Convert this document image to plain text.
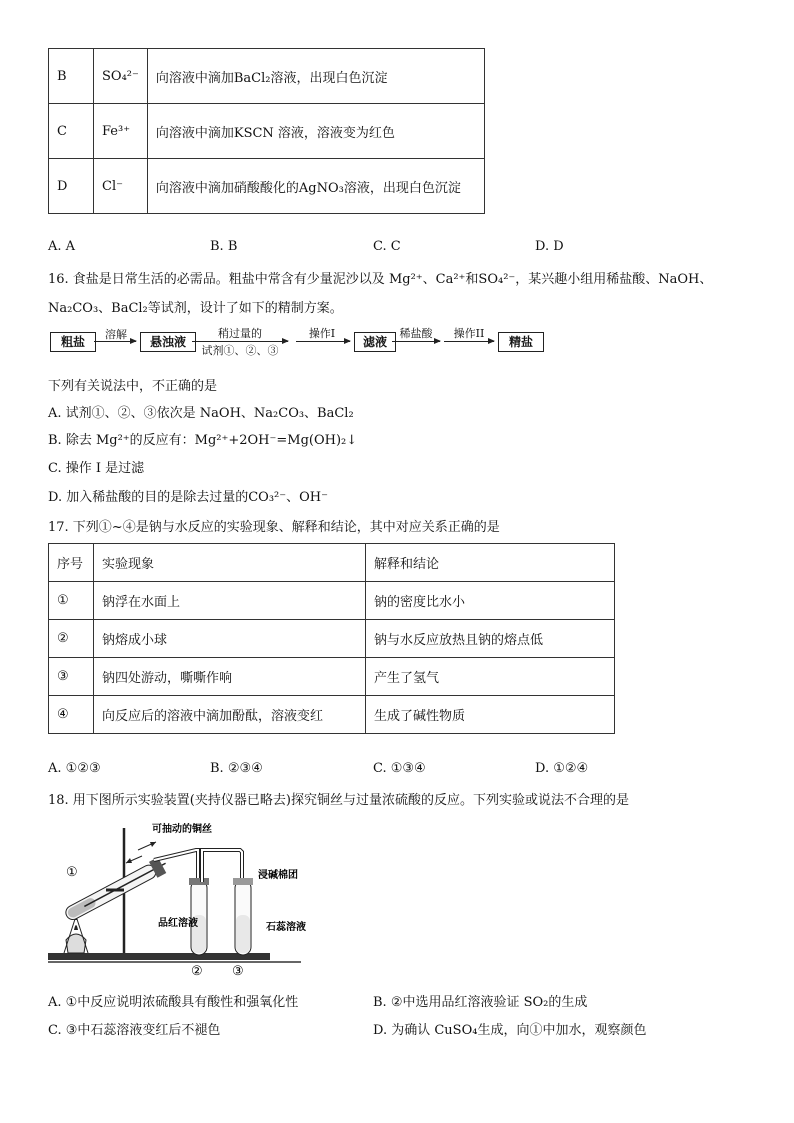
B	SO₄²⁻	向溶液中滴加BaCl₂溶液，出现白色沉淀
C	Fe³⁺	向溶液中滴加KSCN 溶液，溶液变为红色
D	Cl⁻	向溶液中滴加硝酸酸化的AgNO₃溶液，出现白色沉淀
A. A	B. B	C. C	D. D
16. 食盐是日常生活的必需品。粗盐中常含有少量泥沙以及 Mg²⁺、Ca²⁺和SO₄²⁻，某兴趣小组用稀盐酸、NaOH、
Na₂CO₃、BaCl₂等试剂，设计了如下的精制方案。
粗盐
溶解
悬浊液
稍过量的
试剂①、②、③
操作I
滤液
稀盐酸	操作II
精盐
下列有关说法中，不正确的是
A. 试剂①、②、③依次是 NaOH、Na₂CO₃、BaCl₂
B. 除去 Mg²⁺的反应有：Mg²⁺+2OH⁻=Mg(OH)₂↓
C. 操作 I 是过滤
D. 加入稀盐酸的目的是除去过量的CO₃²⁻、OH⁻
17. 下列①~④是钠与水反应的实验现象、解释和结论，其中对应关系正确的是
序号	实验现象	解释和结论
①	钠浮在水面上	钠的密度比水小
②	钠熔成小球	钠与水反应放热且钠的熔点低
③	钠四处游动，嘶嘶作响	产生了氢气
④	向反应后的溶液中滴加酚酞，溶液变红	生成了碱性物质
A. ①②③	B. ②③④	C. ①③④	D. ①②④
18. 用下图所示实验装置(夹持仪器已略去)探究铜丝与过量浓硫酸的反应。下列实验或说法不合理的是
可抽动的铜丝
①	浸碱棉团
品红溶液	石蕊溶液
② ③
A. ①中反应说明浓硫酸具有酸性和强氧化性	B. ②中选用品红溶液验证 SO₂的生成
C. ③中石蕊溶液变红后不褪色	D. 为确认 CuSO₄生成，向①中加水，观察颜色
